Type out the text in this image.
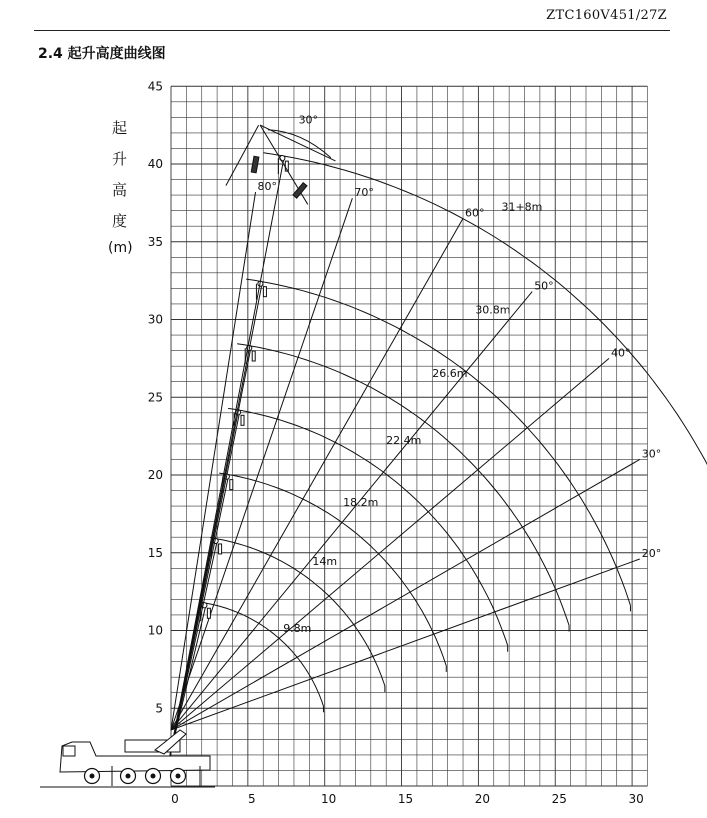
ZTC160V451/27Z
2.4 起升高度曲线图
起
升
高
度
(m)
80°	70°
60°
50°
40°
30°
20°
9.8m
14m
18.2m
22.4m
26.6m
30.8m
31+8m
30°
0	5	10	15	20	25	30
5
10
15
20
25
30
35
40
45
